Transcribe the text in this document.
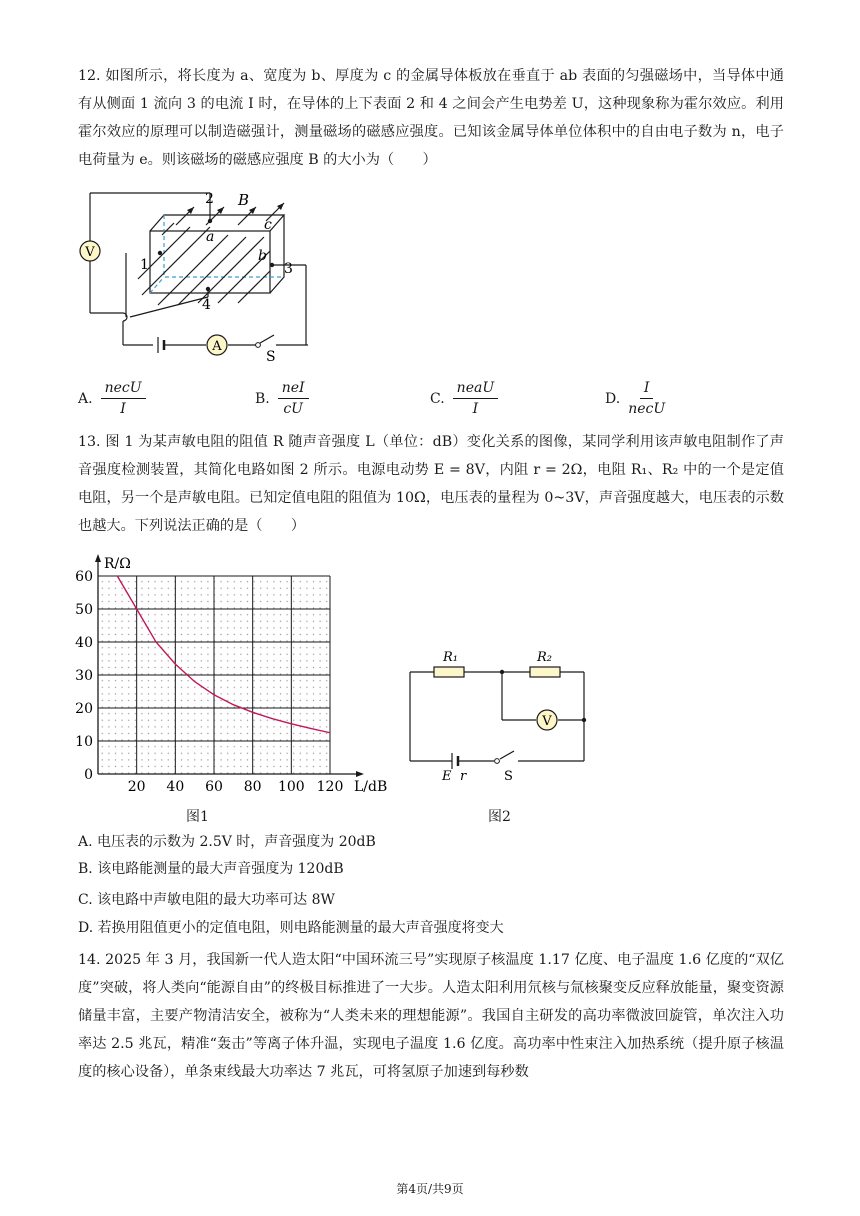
12. 如图所示，将长度为 a、宽度为 b、厚度为 c 的金属导体板放在垂直于 ab 表面的匀强磁场中，当导体中通有从侧面 1 流向 3 的电流 I 时，在导体的上下表面 2 和 4 之间会产生电势差 U，这种现象称为霍尔效应。利用霍尔效应的原理可以制造磁强计，测量磁场的磁感应强度。已知该金属导体单位体积中的自由电子数为 n，电子电荷量为 e。则该磁场的磁感应强度 B 的大小为（　　）

V
A
2 B
c
a
b
1	3
4
S
A. $\frac{\text{necU}}{I}$	B. $\frac{\text{neI}}{cU}$	C. $\frac{\text{neaU}}{I}$	D. $\frac{I}{\text{necU}}$

13. 图 1 为某声敏电阻的阻值 R 随声音强度 L（单位：dB）变化关系的图像，某同学利用该声敏电阻制作了声音强度检测装置，其简化电路如图 2 所示。电源电动势 E = 8V，内阻 r = 2Ω，电阻 R₁、R₂ 中的一个是定值电阻，另一个是声敏电阻。已知定值电阻的阻值为 10Ω，电压表的量程为 0~3V，声音强度越大，电压表的示数也越大。下列说法正确的是（　　）

20 40 60 80 100 120
0
10
20
30
40
50
60
L/dB
R/Ω
图1
V
R₁	R₂
E r	S
图2
A. 电压表的示数为 2.5V 时，声音强度为 20dB
B. 该电路能测量的最大声音强度为 120dB
C. 该电路中声敏电阻的最大功率可达 8W
D. 若换用阻值更小的定值电阻，则电路能测量的最大声音强度将变大

14. 2025 年 3 月，我国新一代人造太阳“中国环流三号”实现原子核温度 1.17 亿度、电子温度 1.6 亿度的“双亿度”突破，将人类向“能源自由”的终极目标推进了一大步。人造太阳利用氘核与氚核聚变反应释放能量，聚变资源储量丰富，主要产物清洁安全，被称为“人类未来的理想能源”。我国自主研发的高功率微波回旋管，单次注入功率达 2.5 兆瓦，精准“轰击”等离子体升温，实现电子温度 1.6 亿度。高功率中性束注入加热系统（提升原子核温度的核心设备），单条束线最大功率达 7 兆瓦，可将氢原子加速到每秒数

第4页/共9页
